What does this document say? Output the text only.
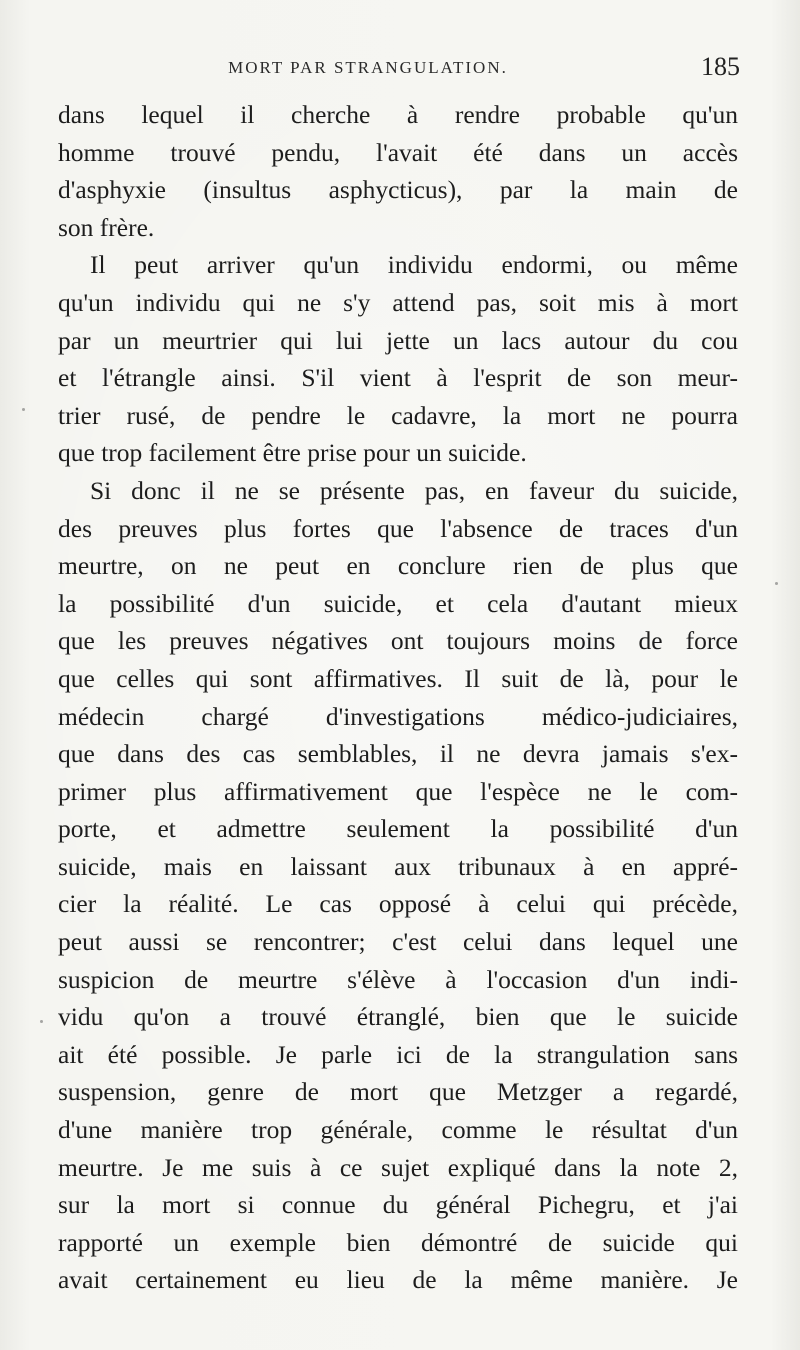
MORT PAR STRANGULATION.	185
dans lequel il cherche à rendre probable qu'un
homme trouvé pendu, l'avait été dans un accès
d'asphyxie (insultus asphycticus), par la main de
son frère.
Il peut arriver qu'un individu endormi, ou même
qu'un individu qui ne s'y attend pas, soit mis à mort
par un meurtrier qui lui jette un lacs autour du cou
et l'étrangle ainsi. S'il vient à l'esprit de son meur-
trier rusé, de pendre le cadavre, la mort ne pourra
que trop facilement être prise pour un suicide.
Si donc il ne se présente pas, en faveur du suicide,
des preuves plus fortes que l'absence de traces d'un
meurtre, on ne peut en conclure rien de plus que
la possibilité d'un suicide, et cela d'autant mieux
que les preuves négatives ont toujours moins de force
que celles qui sont affirmatives. Il suit de là, pour le
médecin chargé d'investigations médico-judiciaires,
que dans des cas semblables, il ne devra jamais s'ex-
primer plus affirmativement que l'espèce ne le com-
porte, et admettre seulement la possibilité d'un
suicide, mais en laissant aux tribunaux à en appré-
cier la réalité. Le cas opposé à celui qui précède,
peut aussi se rencontrer; c'est celui dans lequel une
suspicion de meurtre s'élève à l'occasion d'un indi-
vidu qu'on a trouvé étranglé, bien que le suicide
ait été possible. Je parle ici de la strangulation sans
suspension, genre de mort que Metzger a regardé,
d'une manière trop générale, comme le résultat d'un
meurtre. Je me suis à ce sujet expliqué dans la note 2,
sur la mort si connue du général Pichegru, et j'ai
rapporté un exemple bien démontré de suicide qui
avait certainement eu lieu de la même manière. Je
